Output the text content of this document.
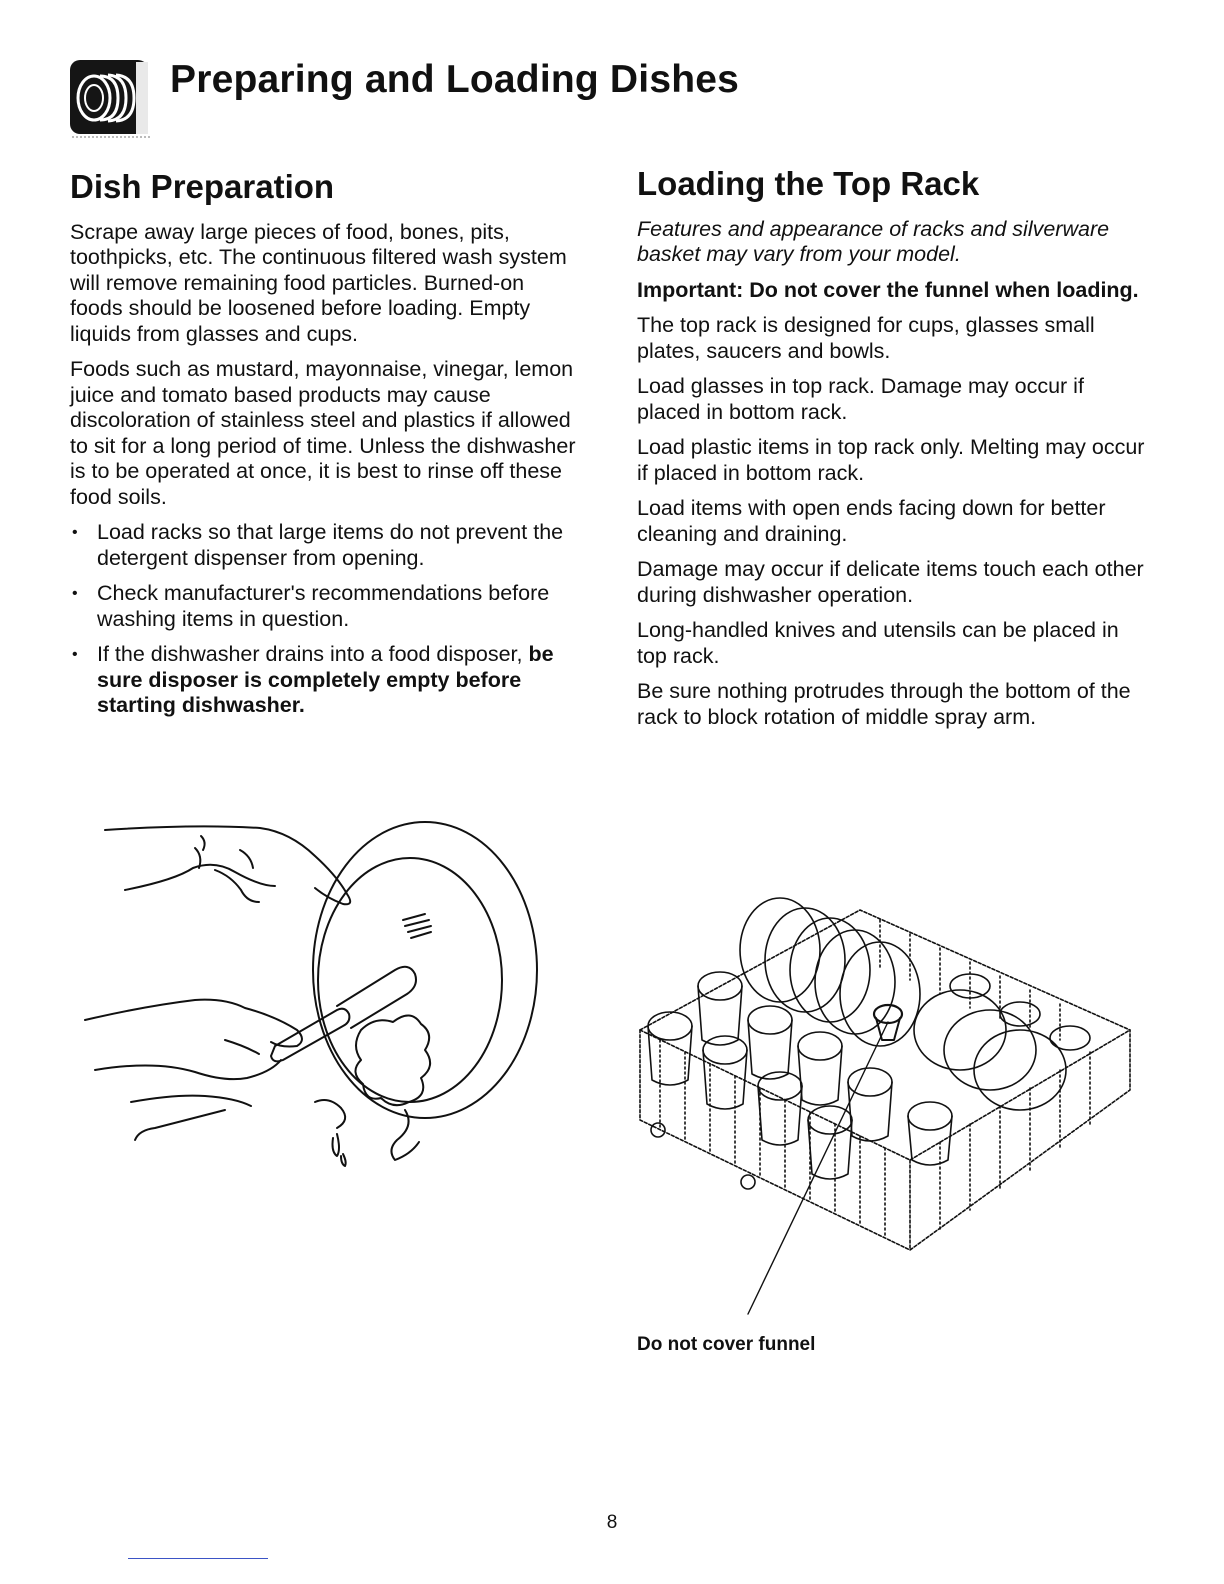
Preparing and Loading Dishes
Dish Preparation

Scrape away large pieces of food, bones, pits, toothpicks, etc. The continuous filtered wash system will remove remaining food particles. Burned-on foods should be loosened before loading. Empty liquids from glasses and cups.

Foods such as mustard, mayonnaise, vinegar, lemon juice and tomato based products may cause discoloration of stainless steel and plastics if allowed to sit for a long period of time. Unless the dishwasher is to be operated at once, it is best to rinse off these food soils.

• Load racks so that large items do not prevent the detergent dispenser from opening.
• Check manufacturer's recommendations before washing items in question.
• If the dishwasher drains into a food disposer, be sure disposer is completely empty before starting dishwasher.
Loading the Top Rack

Features and appearance of racks and silverware basket may vary from your model.

Important: Do not cover the funnel when loading.

The top rack is designed for cups, glasses small plates, saucers and bowls.

Load glasses in top rack. Damage may occur if placed in bottom rack.

Load plastic items in top rack only. Melting may occur if placed in bottom rack.

Load items with open ends facing down for better cleaning and draining.

Damage may occur if delicate items touch each other during dishwasher operation.

Long-handled knives and utensils can be placed in top rack.

Be sure nothing protrudes through the bottom of the rack to block rotation of middle spray arm.

Do not cover funnel
8
